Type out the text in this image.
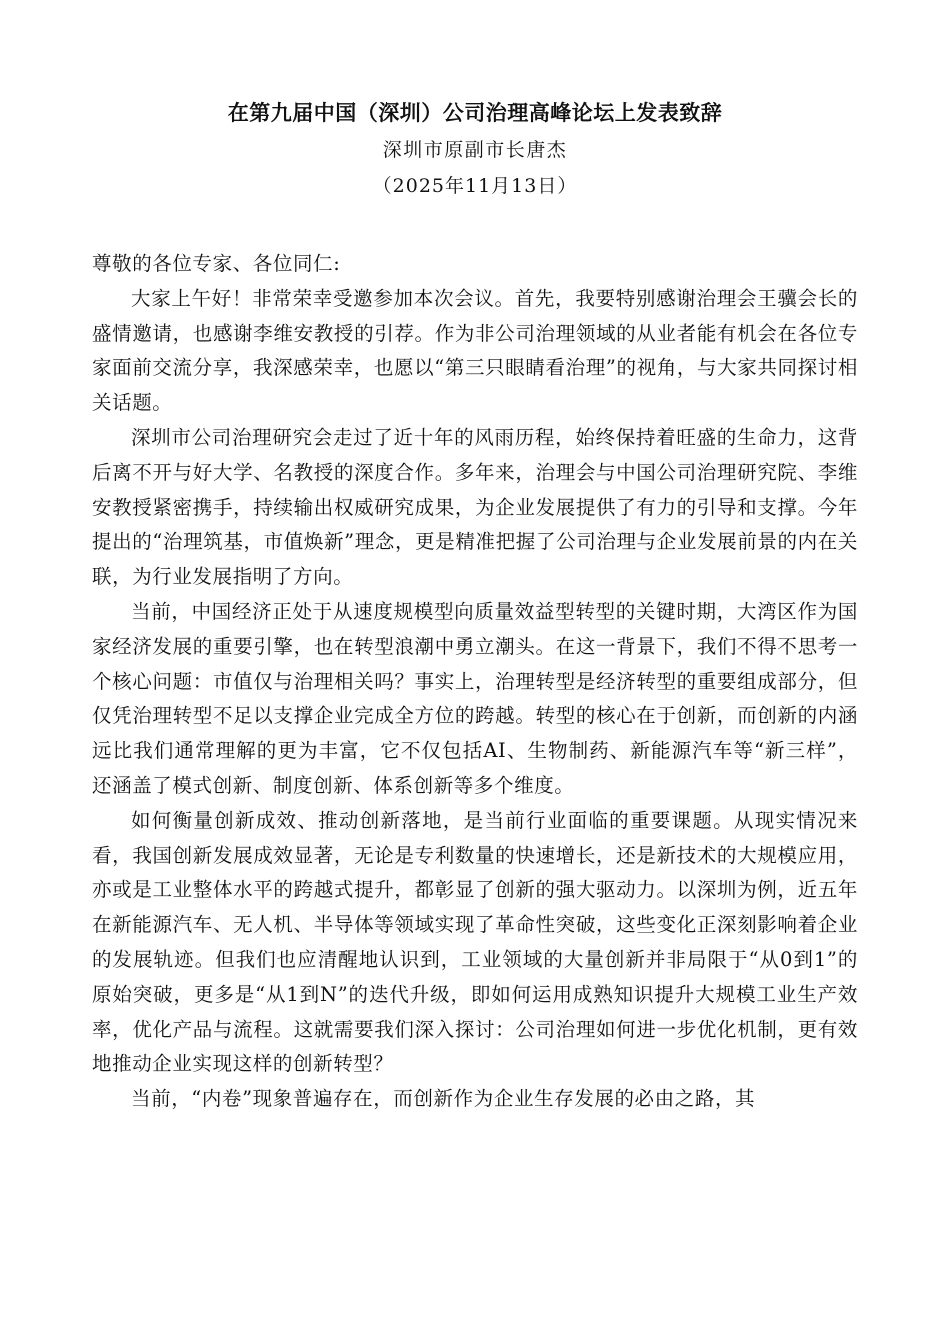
在第九届中国（深圳）公司治理高峰论坛上发表致辞
深圳市原副市长唐杰
（2025年11月13日）

尊敬的各位专家、各位同仁:

大家上午好！非常荣幸受邀参加本次会议。首先，我要特别感谢治理会王骥会长的盛情邀请，也感谢李维安教授的引荐。作为非公司治理领域的从业者能有机会在各位专家面前交流分享，我深感荣幸，也愿以“第三只眼睛看治理”的视角，与大家共同探讨相关话题。

深圳市公司治理研究会走过了近十年的风雨历程，始终保持着旺盛的生命力，这背后离不开与好大学、名教授的深度合作。多年来，治理会与中国公司治理研究院、李维安教授紧密携手，持续输出权威研究成果，为企业发展提供了有力的引导和支撑。今年提出的“治理筑基，市值焕新”理念，更是精准把握了公司治理与企业发展前景的内在关联，为行业发展指明了方向。

当前，中国经济正处于从速度规模型向质量效益型转型的关键时期，大湾区作为国家经济发展的重要引擎，也在转型浪潮中勇立潮头。在这一背景下，我们不得不思考一个核心问题：市值仅与治理相关吗？事实上，治理转型是经济转型的重要组成部分，但仅凭治理转型不足以支撑企业完成全方位的跨越。转型的核心在于创新，而创新的内涵远比我们通常理解的更为丰富，它不仅包括AI、生物制药、新能源汽车等“新三样”，还涵盖了模式创新、制度创新、体系创新等多个维度。

如何衡量创新成效、推动创新落地，是当前行业面临的重要课题。从现实情况来看，我国创新发展成效显著，无论是专利数量的快速增长，还是新技术的大规模应用，亦或是工业整体水平的跨越式提升，都彰显了创新的强大驱动力。以深圳为例，近五年在新能源汽车、无人机、半导体等领域实现了革命性突破，这些变化正深刻影响着企业的发展轨迹。但我们也应清醒地认识到，工业领域的大量创新并非局限于“从0到1”的原始突破，更多是“从1到N”的迭代升级，即如何运用成熟知识提升大规模工业生产效率，优化产品与流程。这就需要我们深入探讨：公司治理如何进一步优化机制，更有效地推动企业实现这样的创新转型？

当前，“内卷”现象普遍存在，而创新作为企业生存发展的必由之路，其
